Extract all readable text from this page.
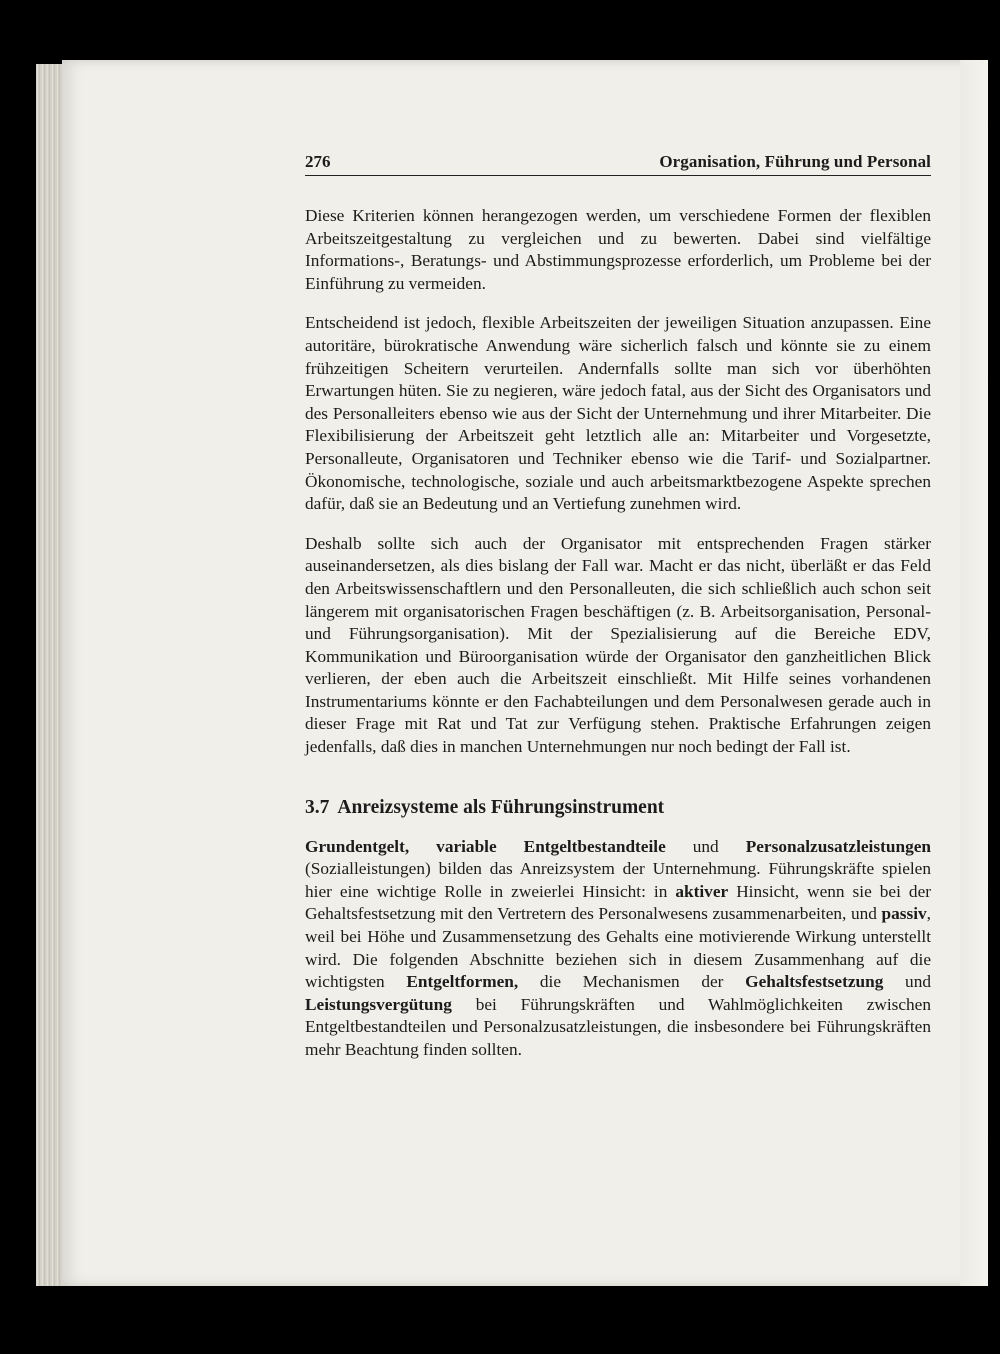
276	Organisation, Führung und Personal

Diese Kriterien können herangezogen werden, um verschiedene Formen der flexiblen Arbeitszeitgestaltung zu vergleichen und zu bewerten. Dabei sind vielfältige Informations-, Beratungs- und Abstimmungsprozesse erforderlich, um Probleme bei der Einführung zu vermeiden.

Entscheidend ist jedoch, flexible Arbeitszeiten der jeweiligen Situation anzupassen. Eine autoritäre, bürokratische Anwendung wäre sicherlich falsch und könnte sie zu einem frühzeitigen Scheitern verurteilen. Andernfalls sollte man sich vor überhöhten Erwartungen hüten. Sie zu negieren, wäre jedoch fatal, aus der Sicht des Organisators und des Personalleiters ebenso wie aus der Sicht der Unternehmung und ihrer Mitarbeiter. Die Flexibilisierung der Arbeitszeit geht letztlich alle an: Mitarbeiter und Vorgesetzte, Personalleute, Organisatoren und Techniker ebenso wie die Tarif- und Sozialpartner. Ökonomische, technologische, soziale und auch arbeitsmarktbezogene Aspekte sprechen dafür, daß sie an Bedeutung und an Vertiefung zunehmen wird.

Deshalb sollte sich auch der Organisator mit entsprechenden Fragen stärker auseinandersetzen, als dies bislang der Fall war. Macht er das nicht, überläßt er das Feld den Arbeitswissenschaftlern und den Personalleuten, die sich schließlich auch schon seit längerem mit organisatorischen Fragen beschäftigen (z. B. Arbeitsorganisation, Personal- und Führungsorganisation). Mit der Spezialisierung auf die Bereiche EDV, Kommunikation und Büroorganisation würde der Organisator den ganzheitlichen Blick verlieren, der eben auch die Arbeitszeit einschließt. Mit Hilfe seines vorhandenen Instrumentariums könnte er den Fachabteilungen und dem Personalwesen gerade auch in dieser Frage mit Rat und Tat zur Verfügung stehen. Praktische Erfahrungen zeigen jedenfalls, daß dies in manchen Unternehmungen nur noch bedingt der Fall ist.

3.7 Anreizsysteme als Führungsinstrument

Grundentgelt, variable Entgeltbestandteile und Personalzusatzleistungen (Sozialleistungen) bilden das Anreizsystem der Unternehmung. Führungskräfte spielen hier eine wichtige Rolle in zweierlei Hinsicht: in aktiver Hinsicht, wenn sie bei der Gehaltsfestsetzung mit den Vertretern des Personalwesens zusammenarbeiten, und passiv, weil bei Höhe und Zusammensetzung des Gehalts eine motivierende Wirkung unterstellt wird. Die folgenden Abschnitte beziehen sich in diesem Zusammenhang auf die wichtigsten Entgeltformen, die Mechanismen der Gehaltsfestsetzung und Leistungsvergütung bei Führungskräften und Wahlmöglichkeiten zwischen Entgeltbestandteilen und Personalzusatzleistungen, die insbesondere bei Führungskräften mehr Beachtung finden sollten.
